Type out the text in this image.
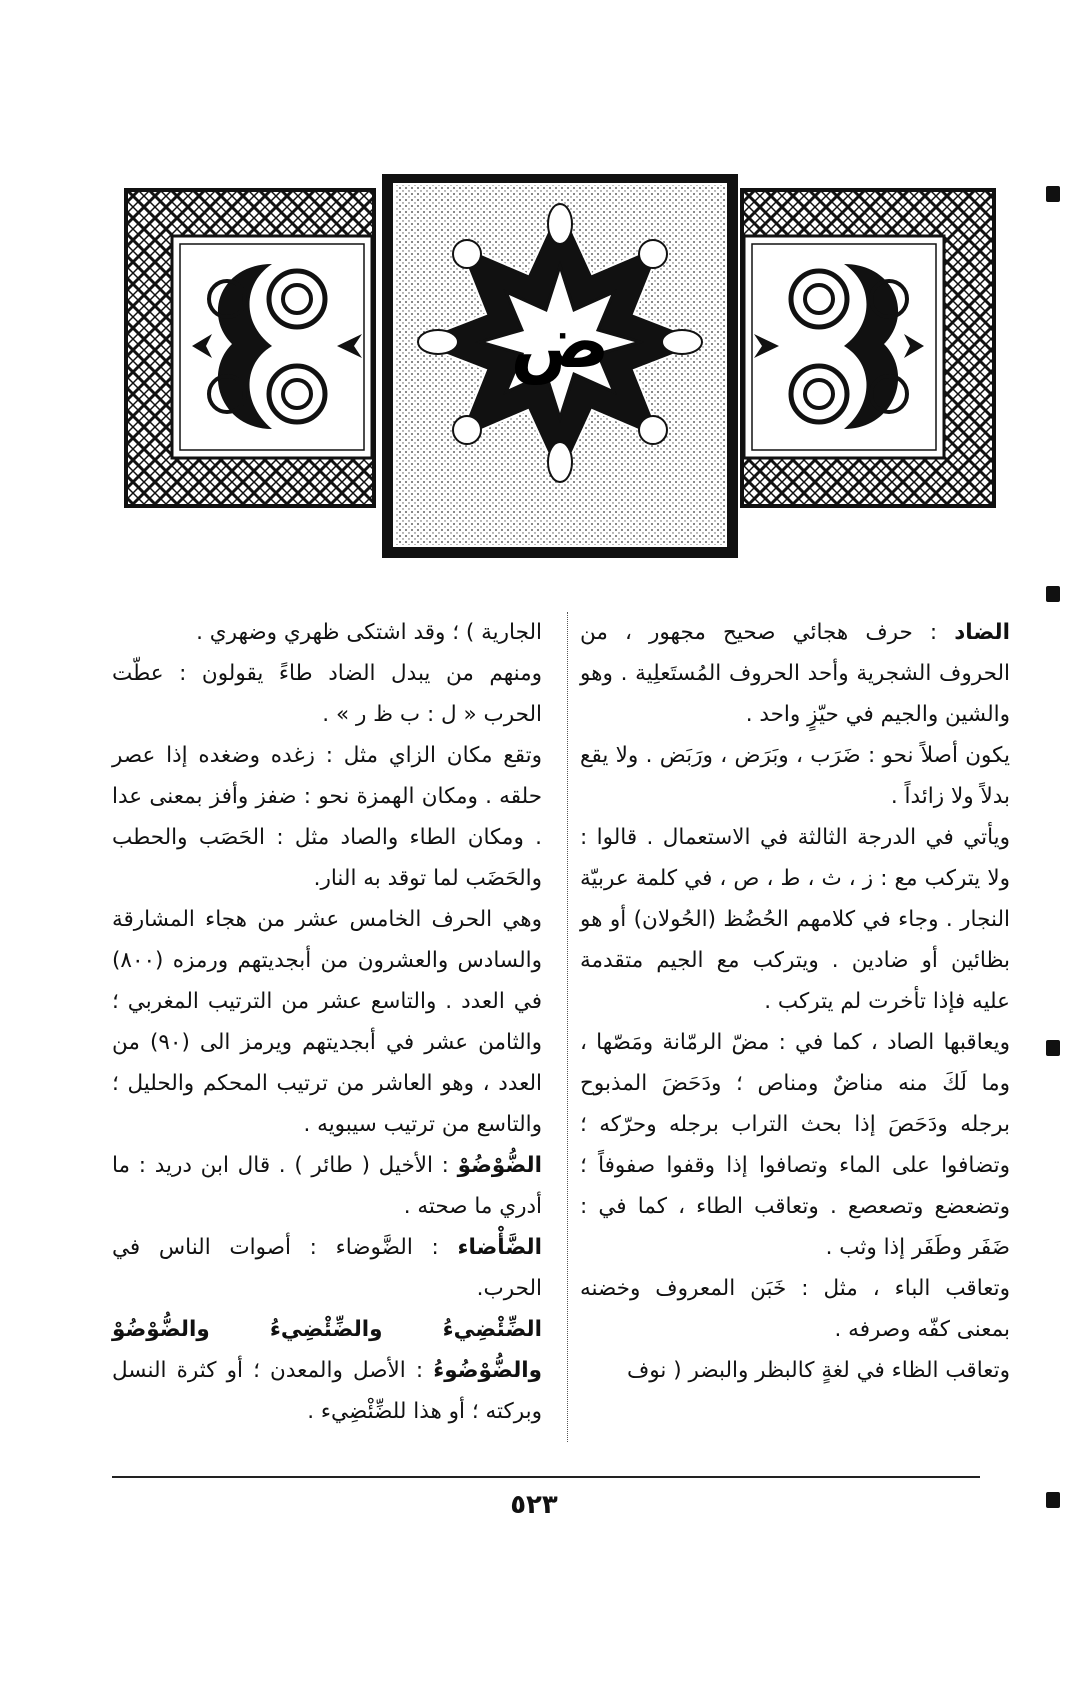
ض

الضاد : حرف هجائي صحيح مجهور ، من الحروف الشجرية وأحد الحروف المُستَعلِية . وهو والشين والجيم في حيّزٍ واحد .

يكون أصلاً نحو : ضَرَب ، وبَرَض ، ورَبَض . ولا يقع بدلاً ولا زائداً .

ويأتي في الدرجة الثالثة في الاستعمال . قالوا : ولا يتركب مع : ز ، ث ، ط ، ص ، في كلمة عربيّة النجار . وجاء في كلامهم الحُضُظ (الحُولان) أو هو بظائين أو ضادين . ويتركب مع الجيم متقدمة عليه فإذا تأخرت لم يتركب .

ويعاقبها الصاد ، كما في : مضّ الرمّانة ومَصّها ، وما لَكَ منه مناضٌ ومناص ؛ ودَحَضَ المذبوح برجله ودَحَصَ إذا بحث التراب برجله وحرّكه ؛ وتضافوا على الماء وتصافوا إذا وقفوا صفوفاً ؛ وتضعضع وتصعصع . وتعاقب الطاء ، كما في : ضَفَر وطَفَر إذا وثب .

وتعاقب الباء ، مثل : خَبَن المعروف وخضنه بمعنى كفّه وصرفه .

وتعاقب الظاء في لغةٍ كالبظر والبضر ( نوف

الجارية ) ؛ وقد اشتكى ظهري وضهري .

ومنهم من يبدل الضاد طاءً يقولون : عطّت الحرب « ل : ب ظ ر » .

وتقع مكان الزاي مثل : زغده وضغده إذا عصر حلقه . ومكان الهمزة نحو : ضفز وأفز بمعنى عدا . ومكان الطاء والصاد مثل : الحَصَب والحطب والحَضَب لما توقد به النار.

وهي الحرف الخامس عشر من هجاء المشارقة والسادس والعشرون من أبجديتهم ورمزه (٨٠٠) في العدد . والتاسع عشر من الترتيب المغربي ؛ والثامن عشر في أبجديتهم ويرمز الى (٩٠) من العدد ، وهو العاشر من ترتيب المحكم والحليل ؛ والتاسع من ترتيب سيبويه .

الضُّوْضُوْ : الأخيل ( طائر ) . قال ابن دريد : ما أدري ما صحته .

الضَّأْضاء : الضَّوضاء : أصوات الناس في الحرب.

الضِّئْضِيءُ والضِّئْضِيءُ والضُّوْضُوْ والضُّوْضُوءُ : الأصل والمعدن ؛ أو كثرة النسل وبركته ؛ أو هذا للضِّئْضِيء .

٥٢٣
